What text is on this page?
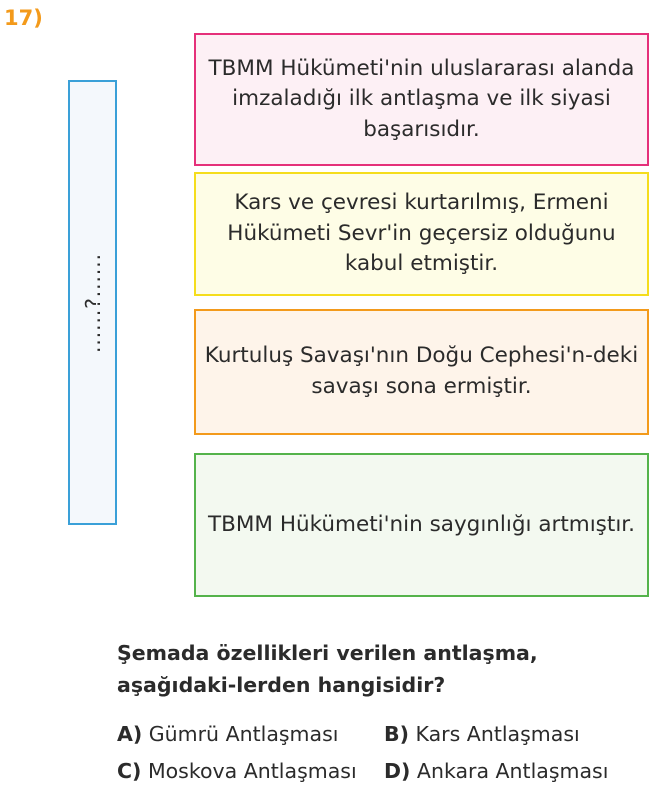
17)
......?......
TBMM Hükümeti'nin uluslararası alanda imzaladığı ilk antlaşma ve ilk siyasi başarısıdır.
Kars ve çevresi kurtarılmış, Ermeni Hükümeti Sevr'in geçersiz olduğunu kabul etmiştir.
Kurtuluş Savaşı'nın Doğu Cephesi'n-deki savaşı sona ermiştir.
TBMM Hükümeti'nin saygınlığı artmıştır.
Şemada özellikleri verilen antlaşma, aşağıdaki-lerden hangisidir?
A) Gümrü Antlaşması B) Kars Antlaşması
C) Moskova Antlaşması D) Ankara Antlaşması
